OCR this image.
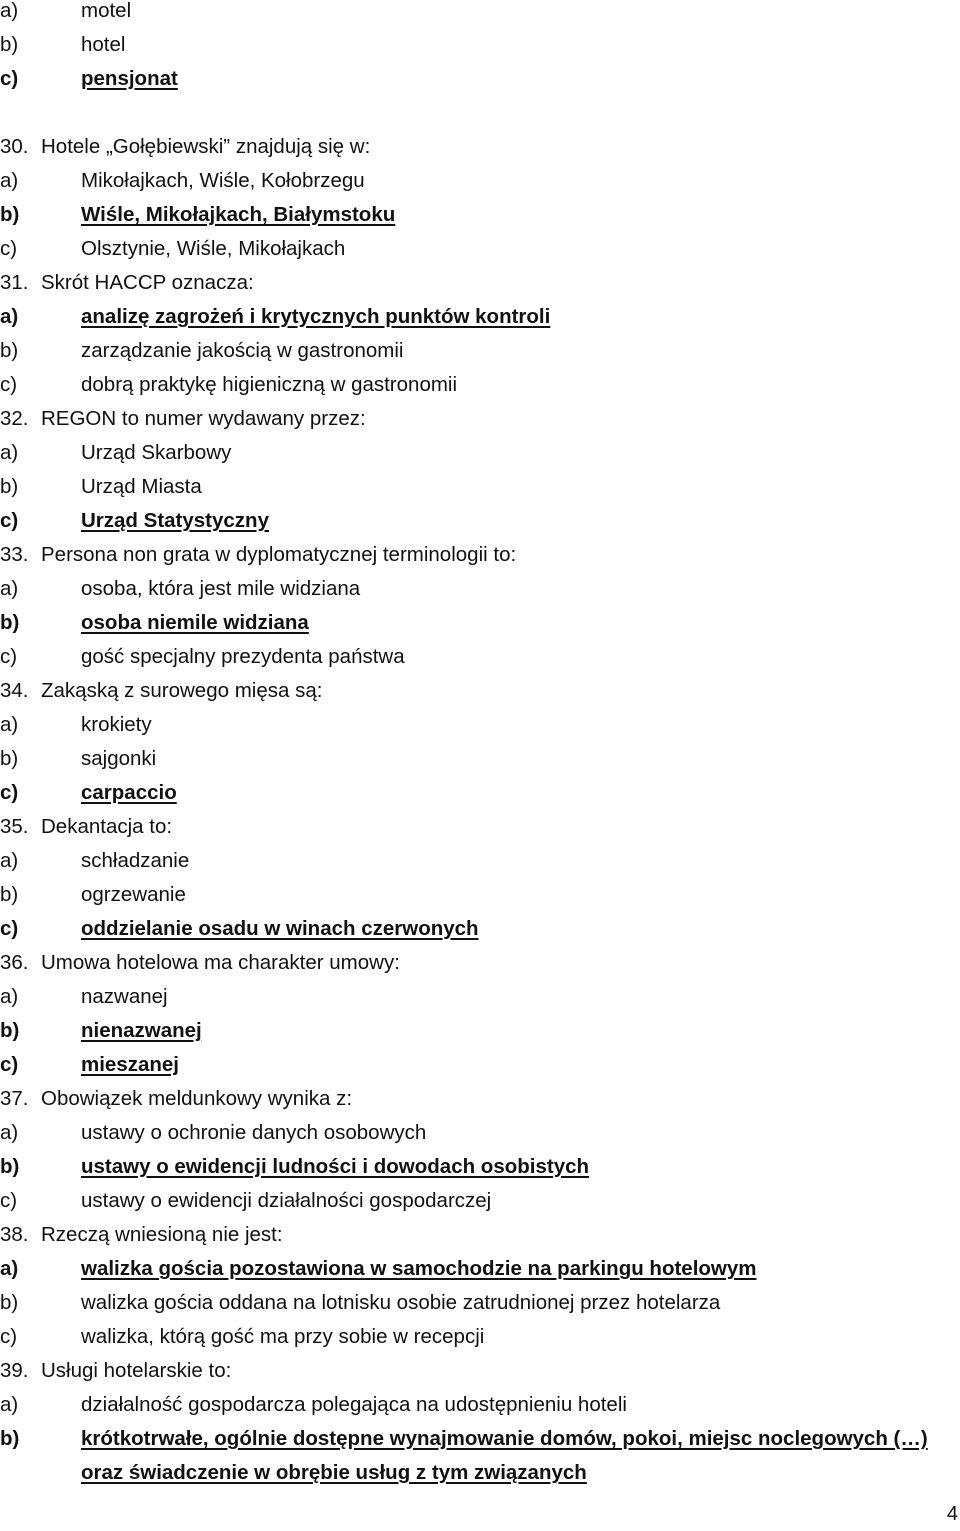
a)	motel
b)	hotel
c)	pensjonat
30. Hotele „Gołębiewski” znajdują się w:
a)	Mikołajkach, Wiśle, Kołobrzegu
b)	Wiśle, Mikołajkach, Białymstoku
c)	Olsztynie, Wiśle, Mikołajkach
31. Skrót HACCP oznacza:
a)	analizę zagrożeń i krytycznych punktów kontroli
b)	zarządzanie jakością w gastronomii
c)	dobrą praktykę higieniczną w gastronomii
32. REGON to numer wydawany przez:
a)	Urząd Skarbowy
b)	Urząd Miasta
c)	Urząd Statystyczny
33. Persona non grata w dyplomatycznej terminologii to:
a)	osoba, która jest mile widziana
b)	osoba niemile widziana
c)	gość specjalny prezydenta państwa
34. Zakąską z surowego mięsa są:
a)	krokiety
b)	sajgonki
c)	carpaccio
35. Dekantacja to:
a)	schładzanie
b)	ogrzewanie
c)	oddzielanie osadu w winach czerwonych
36. Umowa hotelowa ma charakter umowy:
a)	nazwanej
b)	nienazwanej
c)	mieszanej
37. Obowiązek meldunkowy wynika z:
a)	ustawy o ochronie danych osobowych
b)	ustawy o ewidencji ludności i dowodach osobistych
c)	ustawy o ewidencji działalności gospodarczej
38. Rzeczą wniesioną nie jest:
a)	walizka gościa pozostawiona w samochodzie na parkingu hotelowym
b)	walizka gościa oddana na lotnisku osobie zatrudnionej przez hotelarza
c)	walizka, którą gość ma przy sobie w recepcji
39. Usługi hotelarskie to:
a)	działalność gospodarcza polegająca na udostępnieniu hoteli
b)	krótkotrwałe, ogólnie dostępne wynajmowanie domów, pokoi, miejsc noclegowych (…)
oraz świadczenie w obrębie usług z tym związanych
4
